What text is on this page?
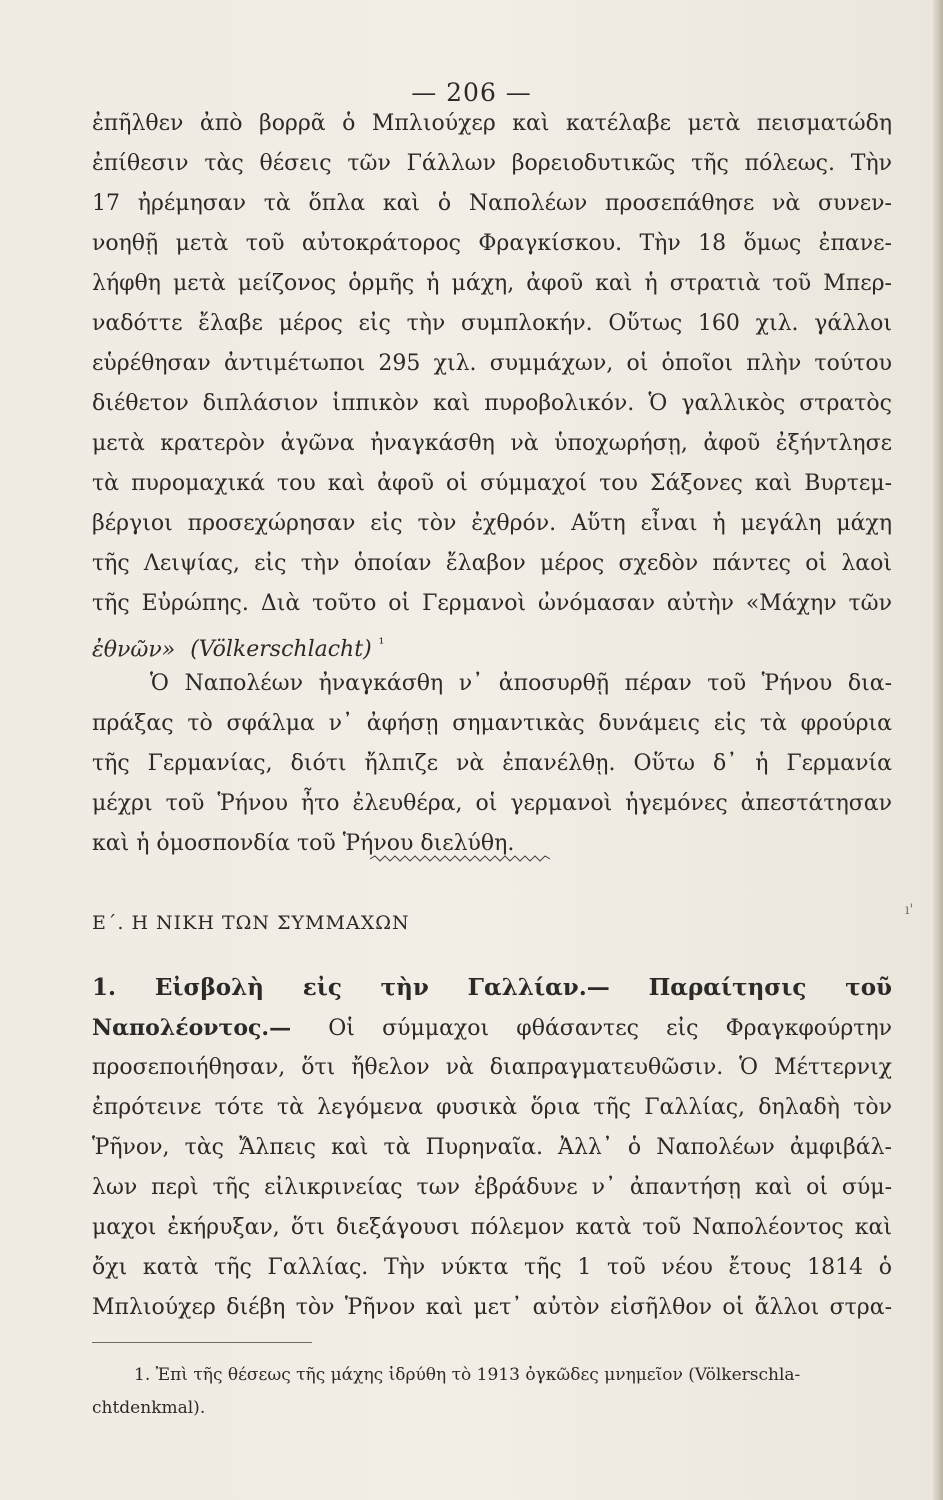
— 206 —
ἐπῆλθεν ἀπὸ βορρᾶ ὁ Μπλιούχερ καὶ κατέλαβε μετὰ πεισματώδη
ἐπίθεσιν τὰς θέσεις τῶν Γάλλων βορειοδυτικῶς τῆς πόλεως. Τὴν
17 ἠρέμησαν τὰ ὅπλα καὶ ὁ Ναπολέων προσεπάθησε νὰ συνεν-
νοηθῇ μετὰ τοῦ αὐτοκράτορος Φραγκίσκου. Τὴν 18 ὅμως ἐπανε-
λήφθη μετὰ μείζονος ὁρμῆς ἡ μάχη, ἀφοῦ καὶ ἡ στρατιὰ τοῦ Μπερ-
ναδόττε ἔλαβε μέρος εἰς τὴν συμπλοκήν. Οὕτως 160 χιλ. γάλλοι
εὑρέθησαν ἀντιμέτωποι 295 χιλ. συμμάχων, οἱ ὁποῖοι πλὴν τούτου
διέθετον διπλάσιον ἱππικὸν καὶ πυροβολικόν. Ὁ γαλλικὸς στρατὸς
μετὰ κρατερὸν ἀγῶνα ἠναγκάσθη νὰ ὑποχωρήσῃ, ἀφοῦ ἐξήντλησε
τὰ πυρομαχικά του καὶ ἀφοῦ οἱ σύμμαχοί του Σάξονες καὶ Βυρτεμ-
βέργιοι προσεχώρησαν εἰς τὸν ἐχθρόν. Αὕτη εἶναι ἡ μεγάλη μάχη
τῆς Λειψίας, εἰς τὴν ὁποίαν ἔλαβον μέρος σχεδὸν πάντες οἱ λαοὶ
τῆς Εὐρώπης. Διὰ τοῦτο οἱ Γερμανοὶ ὠνόμασαν αὐτὴν «Μάχην τῶν
ἐθνῶν» (Völkerschlacht) $^{^1}$
Ὁ Ναπολέων ἠναγκάσθη ν᾽ ἀποσυρθῇ πέραν τοῦ Ῥήνου δια-
πράξας τὸ σφάλμα ν᾽ ἀφήσῃ σημαντικὰς δυνάμεις εἰς τὰ φρούρια
τῆς Γερμανίας, διότι ἤλπιζε νὰ ἐπανέλθῃ. Οὕτω δ᾽ ἡ Γερμανία
μέχρι τοῦ Ῥήνου ἦτο ἐλευθέρα, οἱ γερμανοὶ ἡγεμόνες ἀπεστάτησαν
καὶ ἡ ὁμοσπονδία τοῦ Ῥήνου διελύθη.
ı'
Ε΄. Η ΝΙΚΗ ΤΩΝ ΣΥΜΜΑΧΩΝ
1. Εἰσβολὴ εἰς τὴν Γαλλίαν.— Παραίτησις τοῦ
Ναπολέοντος.— Οἱ σύμμαχοι φθάσαντες εἰς Φραγκφούρτην
προσεποιήθησαν, ὅτι ἤθελον νὰ διαπραγματευθῶσιν. Ὁ Μέττερνιχ
ἐπρότεινε τότε τὰ λεγόμενα φυσικὰ ὅρια τῆς Γαλλίας, δηλαδὴ τὸν
Ῥῆνον, τὰς Ἄλπεις καὶ τὰ Πυρηναῖα. Ἀλλ᾽ ὁ Ναπολέων ἀμφιβάλ-
λων περὶ τῆς εἰλικρινείας των ἐβράδυνε ν᾽ ἀπαντήσῃ καὶ οἱ σύμ-
μαχοι ἐκήρυξαν, ὅτι διεξάγουσι πόλεμον κατὰ τοῦ Ναπολέοντος καὶ
ὄχι κατὰ τῆς Γαλλίας. Τὴν νύκτα τῆς 1 τοῦ νέου ἔτους 1814 ὁ
Μπλιούχερ διέβη τὸν Ῥῆνον καὶ μετ᾽ αὐτὸν εἰσῆλθον οἱ ἄλλοι στρα-
1. Ἐπὶ τῆς θέσεως τῆς μάχης ἱδρύθη τὸ 1913 ὀγκῶδες μνημεῖον (Völkerschla-
chtdenkmal).
